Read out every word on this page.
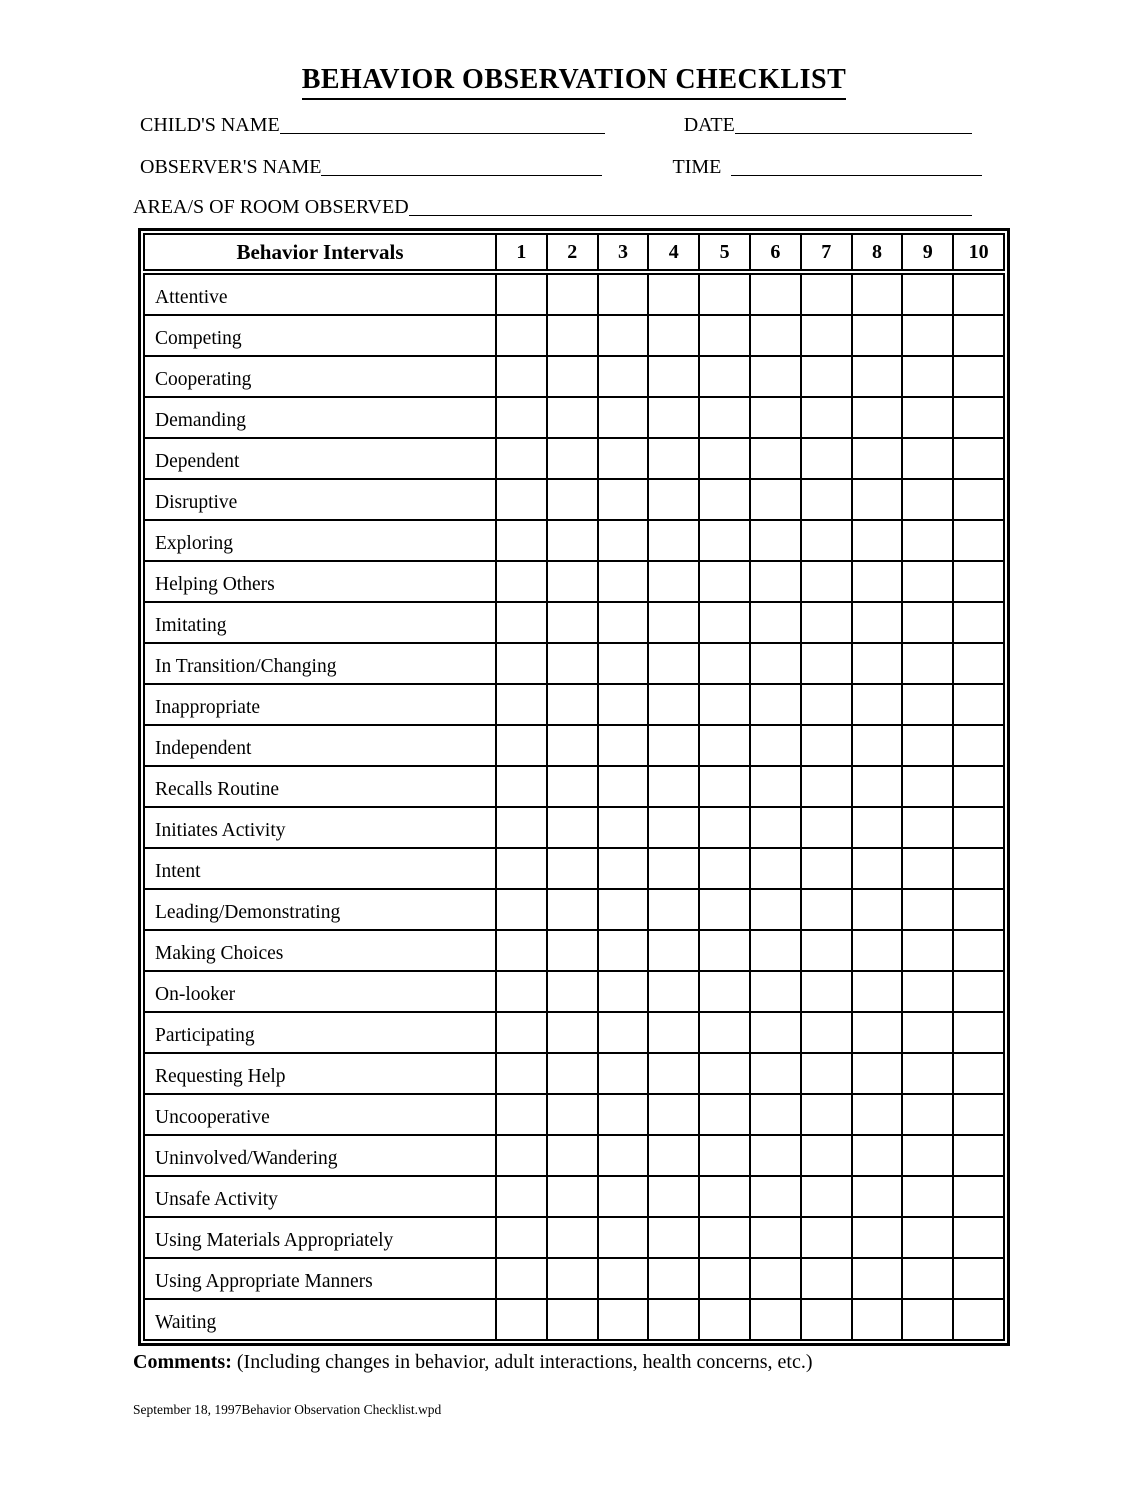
BEHAVIOR OBSERVATION CHECKLIST
CHILD'S NAME	DATE
OBSERVER'S NAME	TIME
AREA/S OF ROOM OBSERVED
Behavior Intervals	1	2	3	4	5	6	7	8	9	10
Attentive
Competing
Cooperating
Demanding
Dependent
Disruptive
Exploring
Helping Others
Imitating
In Transition/Changing
Inappropriate
Independent
Recalls Routine
Initiates Activity
Intent
Leading/Demonstrating
Making Choices
On-looker
Participating
Requesting Help
Uncooperative
Uninvolved/Wandering
Unsafe Activity
Using Materials Appropriately
Using Appropriate Manners
Waiting
Comments: (Including changes in behavior, adult interactions, health concerns, etc.)
September 18, 1997Behavior Observation Checklist.wpd
